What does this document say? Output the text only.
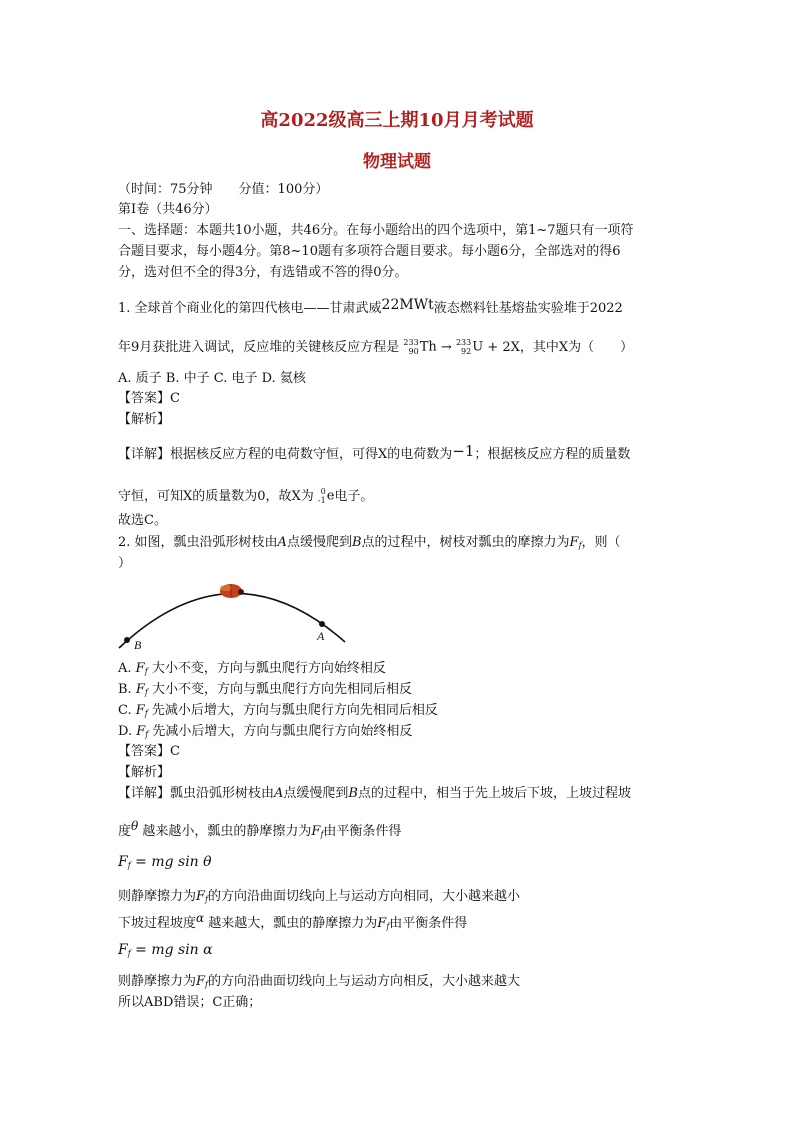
高2022级高三上期10月月考试题
物理试题
（时间：75分钟　　分值：100分）
第Ⅰ卷（共46分）
一、选择题：本题共10小题，共46分。在每小题给出的四个选项中，第1~7题只有一项符
合题目要求，每小题4分。第8~10题有多项符合题目要求。每小题6分，全部选对的得6
分，选对但不全的得3分，有选错或不答的得0分。
1. 全球首个商业化的第四代核电——甘肃武威22MWt液态燃料钍基熔盐实验堆于2022
年9月获批进入调试，反应堆的关键核反应方程是 233
90Th → 233
92U + 2X，其中X为（　　）
A. 质子 B. 中子 C. 电子 D. 氦核
【答案】C
【解析】
【详解】根据核反应方程的电荷数守恒，可得X的电荷数为−1；根据核反应方程的质量数
守恒，可知X的质量数为0，故X为 0
-1e电子。
故选C。
2. 如图，瓢虫沿弧形树枝由A点缓慢爬到B点的过程中，树枝对瓢虫的摩擦力为$F_f$，则（
）
B
A
A. $F_f$ 大小不变，方向与瓢虫爬行方向始终相反
B. $F_f$ 大小不变，方向与瓢虫爬行方向先相同后相反
C. $F_f$ 先减小后增大，方向与瓢虫爬行方向先相同后相反
D. $F_f$ 先减小后增大，方向与瓢虫爬行方向始终相反
【答案】C
【解析】
【详解】瓢虫沿弧形树枝由A点缓慢爬到B点的过程中，相当于先上坡后下坡，上坡过程坡
度θ 越来越小，瓢虫的静摩擦力为$F_f$由平衡条件得
$F_f$ = mg sin θ
则静摩擦力为$F_f$的方向沿曲面切线向上与运动方向相同，大小越来越小
下坡过程坡度α 越来越大，瓢虫的静摩擦力为$F_f$由平衡条件得
$F_f$ = mg sin α
则静摩擦力为$F_f$的方向沿曲面切线向上与运动方向相反，大小越来越大
所以ABD错误；C正确；
